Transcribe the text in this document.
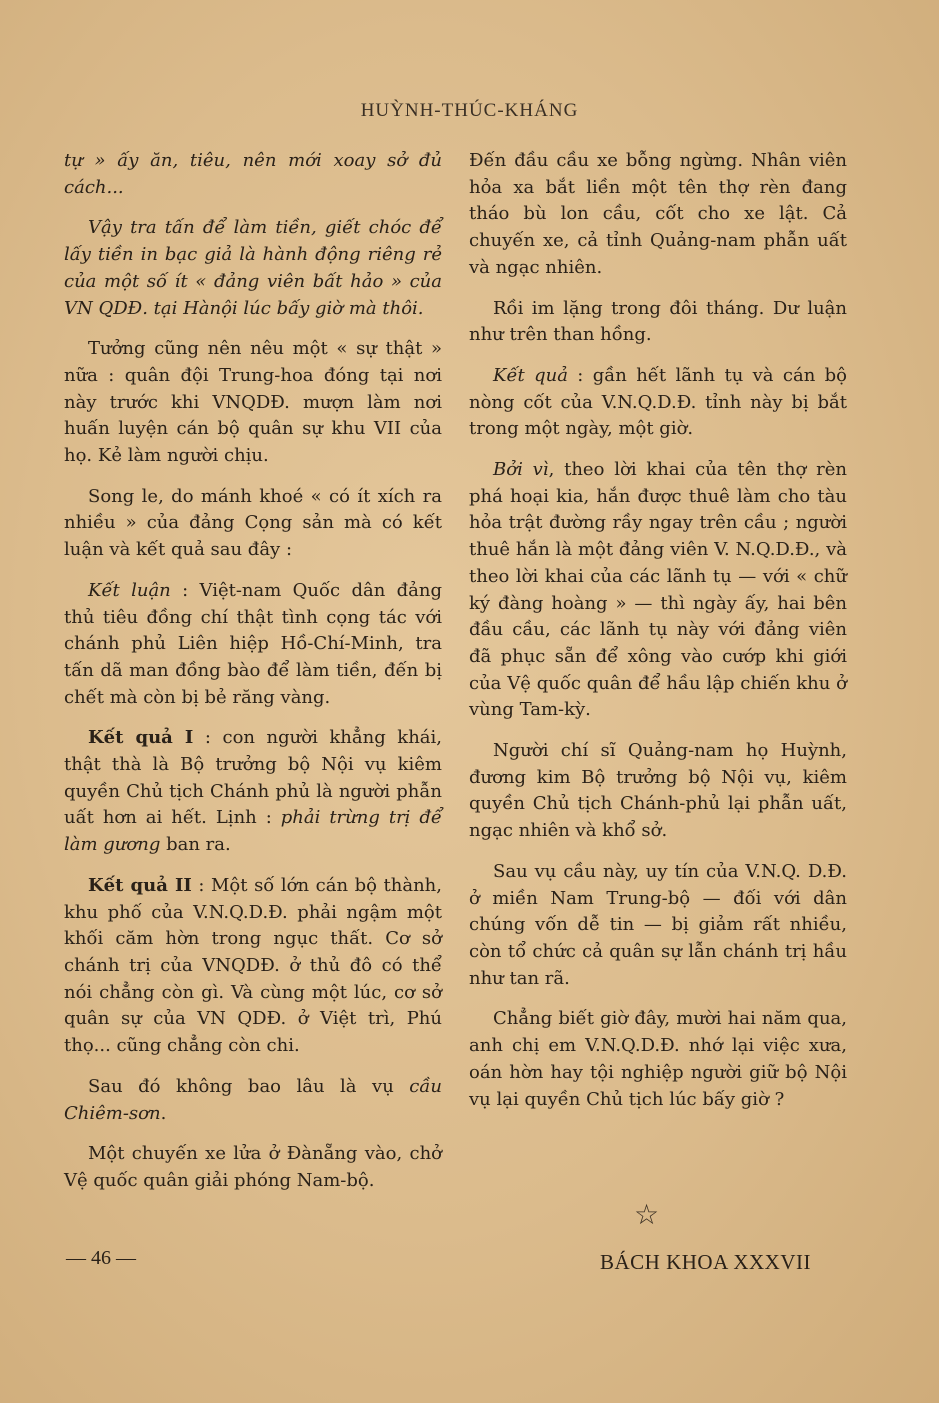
HUỲNH-THÚC-KHÁNG

tự » ấy ăn, tiêu, nên mới xoay sở đủ cách...

Vậy tra tấn để làm tiền, giết chóc để lấy tiền in bạc giả là hành động riêng rẻ của một số ít « đảng viên bất hảo » của VN QDĐ. tại Hànội lúc bấy giờ mà thôi.

Tưởng cũng nên nêu một « sự thật » nữa : quân đội Trung-hoa đóng tại nơi này trước khi VNQDĐ. mượn làm nơi huấn luyện cán bộ quân sự khu VII của họ. Kẻ làm người chịu.

Song le, do mánh khoé « có ít xích ra nhiều » của đảng Cọng sản mà có kết luận và kết quả sau đây :

Kết luận : Việt-nam Quốc dân đảng thủ tiêu đồng chí thật tình cọng tác với chánh phủ Liên hiệp Hồ-Chí-Minh, tra tấn dã man đồng bào để làm tiền, đến bị chết mà còn bị bẻ răng vàng.

Kết quả I : con người khẳng khái, thật thà là Bộ trưởng bộ Nội vụ kiêm quyền Chủ tịch Chánh phủ là người phẫn uất hơn ai hết. Lịnh : phải trừng trị để làm gương ban ra.

Kết quả II : Một số lớn cán bộ thành, khu phố của V.N.Q.D.Đ. phải ngậm một khối căm hờn trong ngục thất. Cơ sở chánh trị của VNQDĐ. ở thủ đô có thể nói chẳng còn gì. Và cùng một lúc, cơ sở quân sự của VN QDĐ. ở Việt trì, Phú thọ... cũng chẳng còn chi.

Sau đó không bao lâu là vụ cầu Chiêm-sơn.

Một chuyến xe lửa ở Đànẵng vào, chở Vệ quốc quân giải phóng Nam-bộ.

Đến đầu cầu xe bỗng ngừng. Nhân viên hỏa xa bắt liền một tên thợ rèn đang tháo bù lon cầu, cốt cho xe lật. Cả chuyến xe, cả tỉnh Quảng-nam phẫn uất và ngạc nhiên.

Rồi im lặng trong đôi tháng. Dư luận như trên than hồng.

Kết quả : gần hết lãnh tụ và cán bộ nòng cốt của V.N.Q.D.Đ. tỉnh này bị bắt trong một ngày, một giờ.

Bởi vì, theo lời khai của tên thợ rèn phá hoại kia, hắn được thuê làm cho tàu hỏa trật đường rầy ngay trên cầu ; người thuê hắn là một đảng viên V. N.Q.D.Đ., và theo lời khai của các lãnh tụ — với « chữ ký đàng hoàng » — thì ngày ấy, hai bên đầu cầu, các lãnh tụ này với đảng viên đã phục sẵn để xông vào cướp khi giới của Vệ quốc quân để hầu lập chiến khu ở vùng Tam-kỳ.

Người chí sĩ Quảng-nam họ Huỳnh, đương kim Bộ trưởng bộ Nội vụ, kiêm quyền Chủ tịch Chánh-phủ lại phẫn uất, ngạc nhiên và khổ sở.

Sau vụ cầu này, uy tín của V.N.Q. D.Đ. ở miền Nam Trung-bộ — đối với dân chúng vốn dễ tin — bị giảm rất nhiều, còn tổ chức cả quân sự lẫn chánh trị hầu như tan rã.

Chẳng biết giờ đây, mười hai năm qua, anh chị em V.N.Q.D.Đ. nhớ lại việc xưa, oán hờn hay tội nghiệp người giữ bộ Nội vụ lại quyền Chủ tịch lúc bấy giờ ?

☆
— 46 —	BÁCH KHOA XXXVII
